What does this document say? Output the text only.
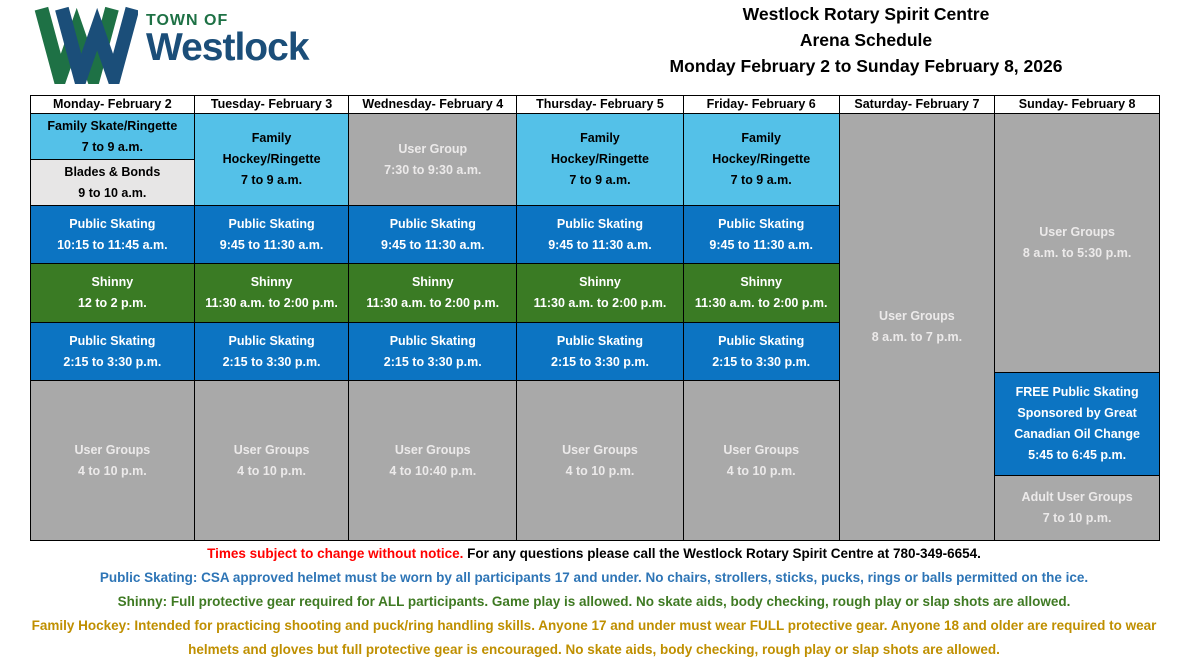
TOWN OF
Westlock
Westlock Rotary Spirit Centre
Arena Schedule
Monday February 2 to Sunday February 8, 2026
Monday- February 2
Family Skate/Ringette
7 to 9 a.m.
Blades & Bonds
9 to 10 a.m.
Public Skating
10:15 to 11:45 a.m.
Shinny
12 to 2 p.m.
Public Skating
2:15 to 3:30 p.m.
User Groups
4 to 10 p.m.
Tuesday- February 3
Family Hockey/Ringette
7 to 9 a.m.
Public Skating
9:45 to 11:30 a.m.
Shinny
11:30 a.m. to 2:00 p.m.
Public Skating
2:15 to 3:30 p.m.
User Groups
4 to 10 p.m.
Wednesday- February 4
User Group
7:30 to 9:30 a.m.
Public Skating
9:45 to 11:30 a.m.
Shinny
11:30 a.m. to 2:00 p.m.
Public Skating
2:15 to 3:30 p.m.
User Groups
4 to 10:40 p.m.
Thursday- February 5
Family Hockey/Ringette
7 to 9 a.m.
Public Skating
9:45 to 11:30 a.m.
Shinny
11:30 a.m. to 2:00 p.m.
Public Skating
2:15 to 3:30 p.m.
User Groups
4 to 10 p.m.
Friday- February 6
Family Hockey/Ringette
7 to 9 a.m.
Public Skating
9:45 to 11:30 a.m.
Shinny
11:30 a.m. to 2:00 p.m.
Public Skating
2:15 to 3:30 p.m.
User Groups
4 to 10 p.m.
Saturday- February 7
User Groups
8 a.m. to 7 p.m.
Sunday- February 8
User Groups
8 a.m. to 5:30 p.m.
FREE Public Skating Sponsored by Great Canadian Oil Change
5:45 to 6:45 p.m.
Adult User Groups
7 to 10 p.m.

Times subject to change without notice. For any questions please call the Westlock Rotary Spirit Centre at 780-349-6654.

Public Skating: CSA approved helmet must be worn by all participants 17 and under. No chairs, strollers, sticks, pucks, rings or balls permitted on the ice.

Shinny: Full protective gear required for ALL participants. Game play is allowed. No skate aids, body checking, rough play or slap shots are allowed.

Family Hockey: Intended for practicing shooting and puck/ring handling skills. Anyone 17 and under must wear FULL protective gear. Anyone 18 and older are required to wear helmets and gloves but full protective gear is encouraged. No skate aids, body checking, rough play or slap shots are allowed.
